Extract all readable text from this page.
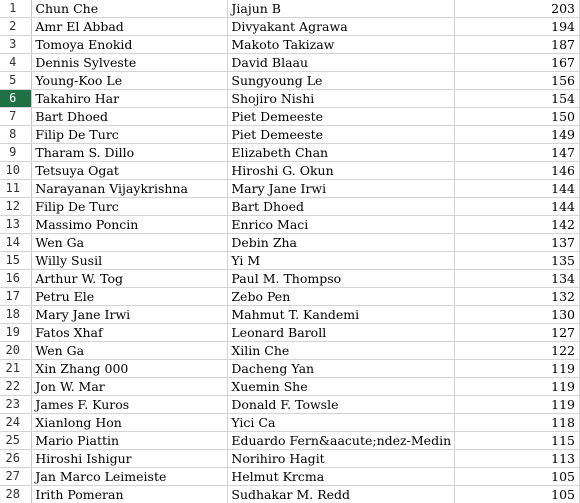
1	Chun Che	Jiajun B	203
2	Amr El Abbad	Divyakant Agrawa	194
3	Tomoya Enokid	Makoto Takizaw	187
4	Dennis Sylveste	David Blaau	167
5	Young-Koo Le	Sungyoung Le	156
6	Takahiro Har	Shojiro Nishi	154
7	Bart Dhoed	Piet Demeeste	150
8	Filip De Turc	Piet Demeeste	149
9	Tharam S. Dillo	Elizabeth Chan	147
10	Tetsuya Ogat	Hiroshi G. Okun	146
11	Narayanan Vijaykrishna	Mary Jane Irwi	144
12	Filip De Turc	Bart Dhoed	144
13	Massimo Poncin	Enrico Maci	142
14	Wen Ga	Debin Zha	137
15	Willy Susil	Yi M	135
16	Arthur W. Tog	Paul M. Thompso	134
17	Petru Ele	Zebo Pen	132
18	Mary Jane Irwi	Mahmut T. Kandemi	130
19	Fatos Xhaf	Leonard Baroll	127
20	Wen Ga	Xilin Che	122
21	Xin Zhang 000	Dacheng Yan	119
22	Jon W. Mar	Xuemin She	119
23	James F. Kuros	Donald F. Towsle	119
24	Xianlong Hon	Yici Ca	118
25	Mario Piattin	Eduardo Fern&aacute;ndez-Medin	115
26	Hiroshi Ishigur	Norihiro Hagit	113
27	Jan Marco Leimeiste	Helmut Krcma	105
28	Irith Pomeran	Sudhakar M. Redd	105
